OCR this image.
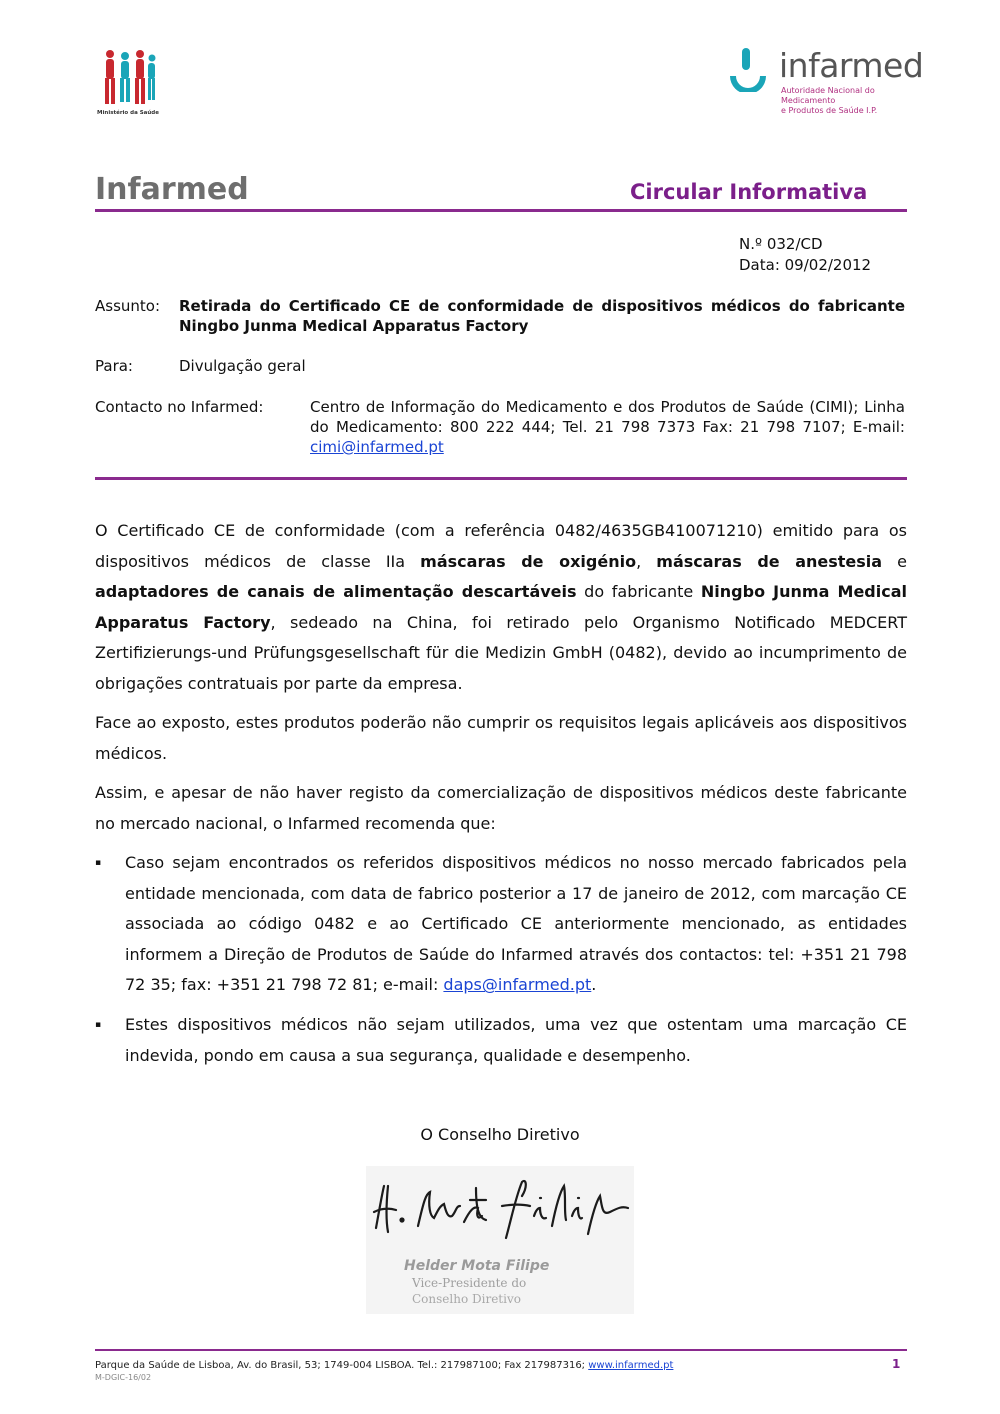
Ministério da Saúde
infarmed
Autoridade Nacional do Medicamento
e Produtos de Saúde I.P.
Infarmed	Circular Informativa
N.º 032/CD
Data: 09/02/2012
Assunto: Retirada do Certificado CE de conformidade de dispositivos médicos do fabricante Ningbo Junma Medical Apparatus Factory
Para:	Divulgação geral
Contacto no Infarmed:	Centro de Informação do Medicamento e dos Produtos de Saúde (CIMI); Linha do Medicamento: 800 222 444; Tel. 21 798 7373 Fax: 21 798 7107; E-mail: cimi@infarmed.pt
O Certificado CE de conformidade (com a referência 0482/4635GB410071210) emitido para os dispositivos médicos de classe IIa máscaras de oxigénio, máscaras de anestesia e adaptadores de canais de alimentação descartáveis do fabricante Ningbo Junma Medical Apparatus Factory, sedeado na China, foi retirado pelo Organismo Notificado MEDCERT Zertifizierungs-und Prüfungsgesellschaft für die Medizin GmbH (0482), devido ao incumprimento de obrigações contratuais por parte da empresa.
Face ao exposto, estes produtos poderão não cumprir os requisitos legais aplicáveis aos dispositivos médicos.
Assim, e apesar de não haver registo da comercialização de dispositivos médicos deste fabricante no mercado nacional, o Infarmed recomenda que:
▪	Caso sejam encontrados os referidos dispositivos médicos no nosso mercado fabricados pela entidade mencionada, com data de fabrico posterior a 17 de janeiro de 2012, com marcação CE associada ao código 0482 e ao Certificado CE anteriormente mencionado, as entidades informem a Direção de Produtos de Saúde do Infarmed através dos contactos: tel: +351 21 798 72 35; fax: +351 21 798 72 81; e-mail: daps@infarmed.pt.
▪	Estes dispositivos médicos não sejam utilizados, uma vez que ostentam uma marcação CE indevida, pondo em causa a sua segurança, qualidade e desempenho.
O Conselho Diretivo
Helder Mota Filipe
Vice-Presidente do
Conselho Diretivo
Parque da Saúde de Lisboa, Av. do Brasil, 53; 1749-004 LISBOA. Tel.: 217987100; Fax 217987316; www.infarmed.pt
M-DGIC-16/02
1
